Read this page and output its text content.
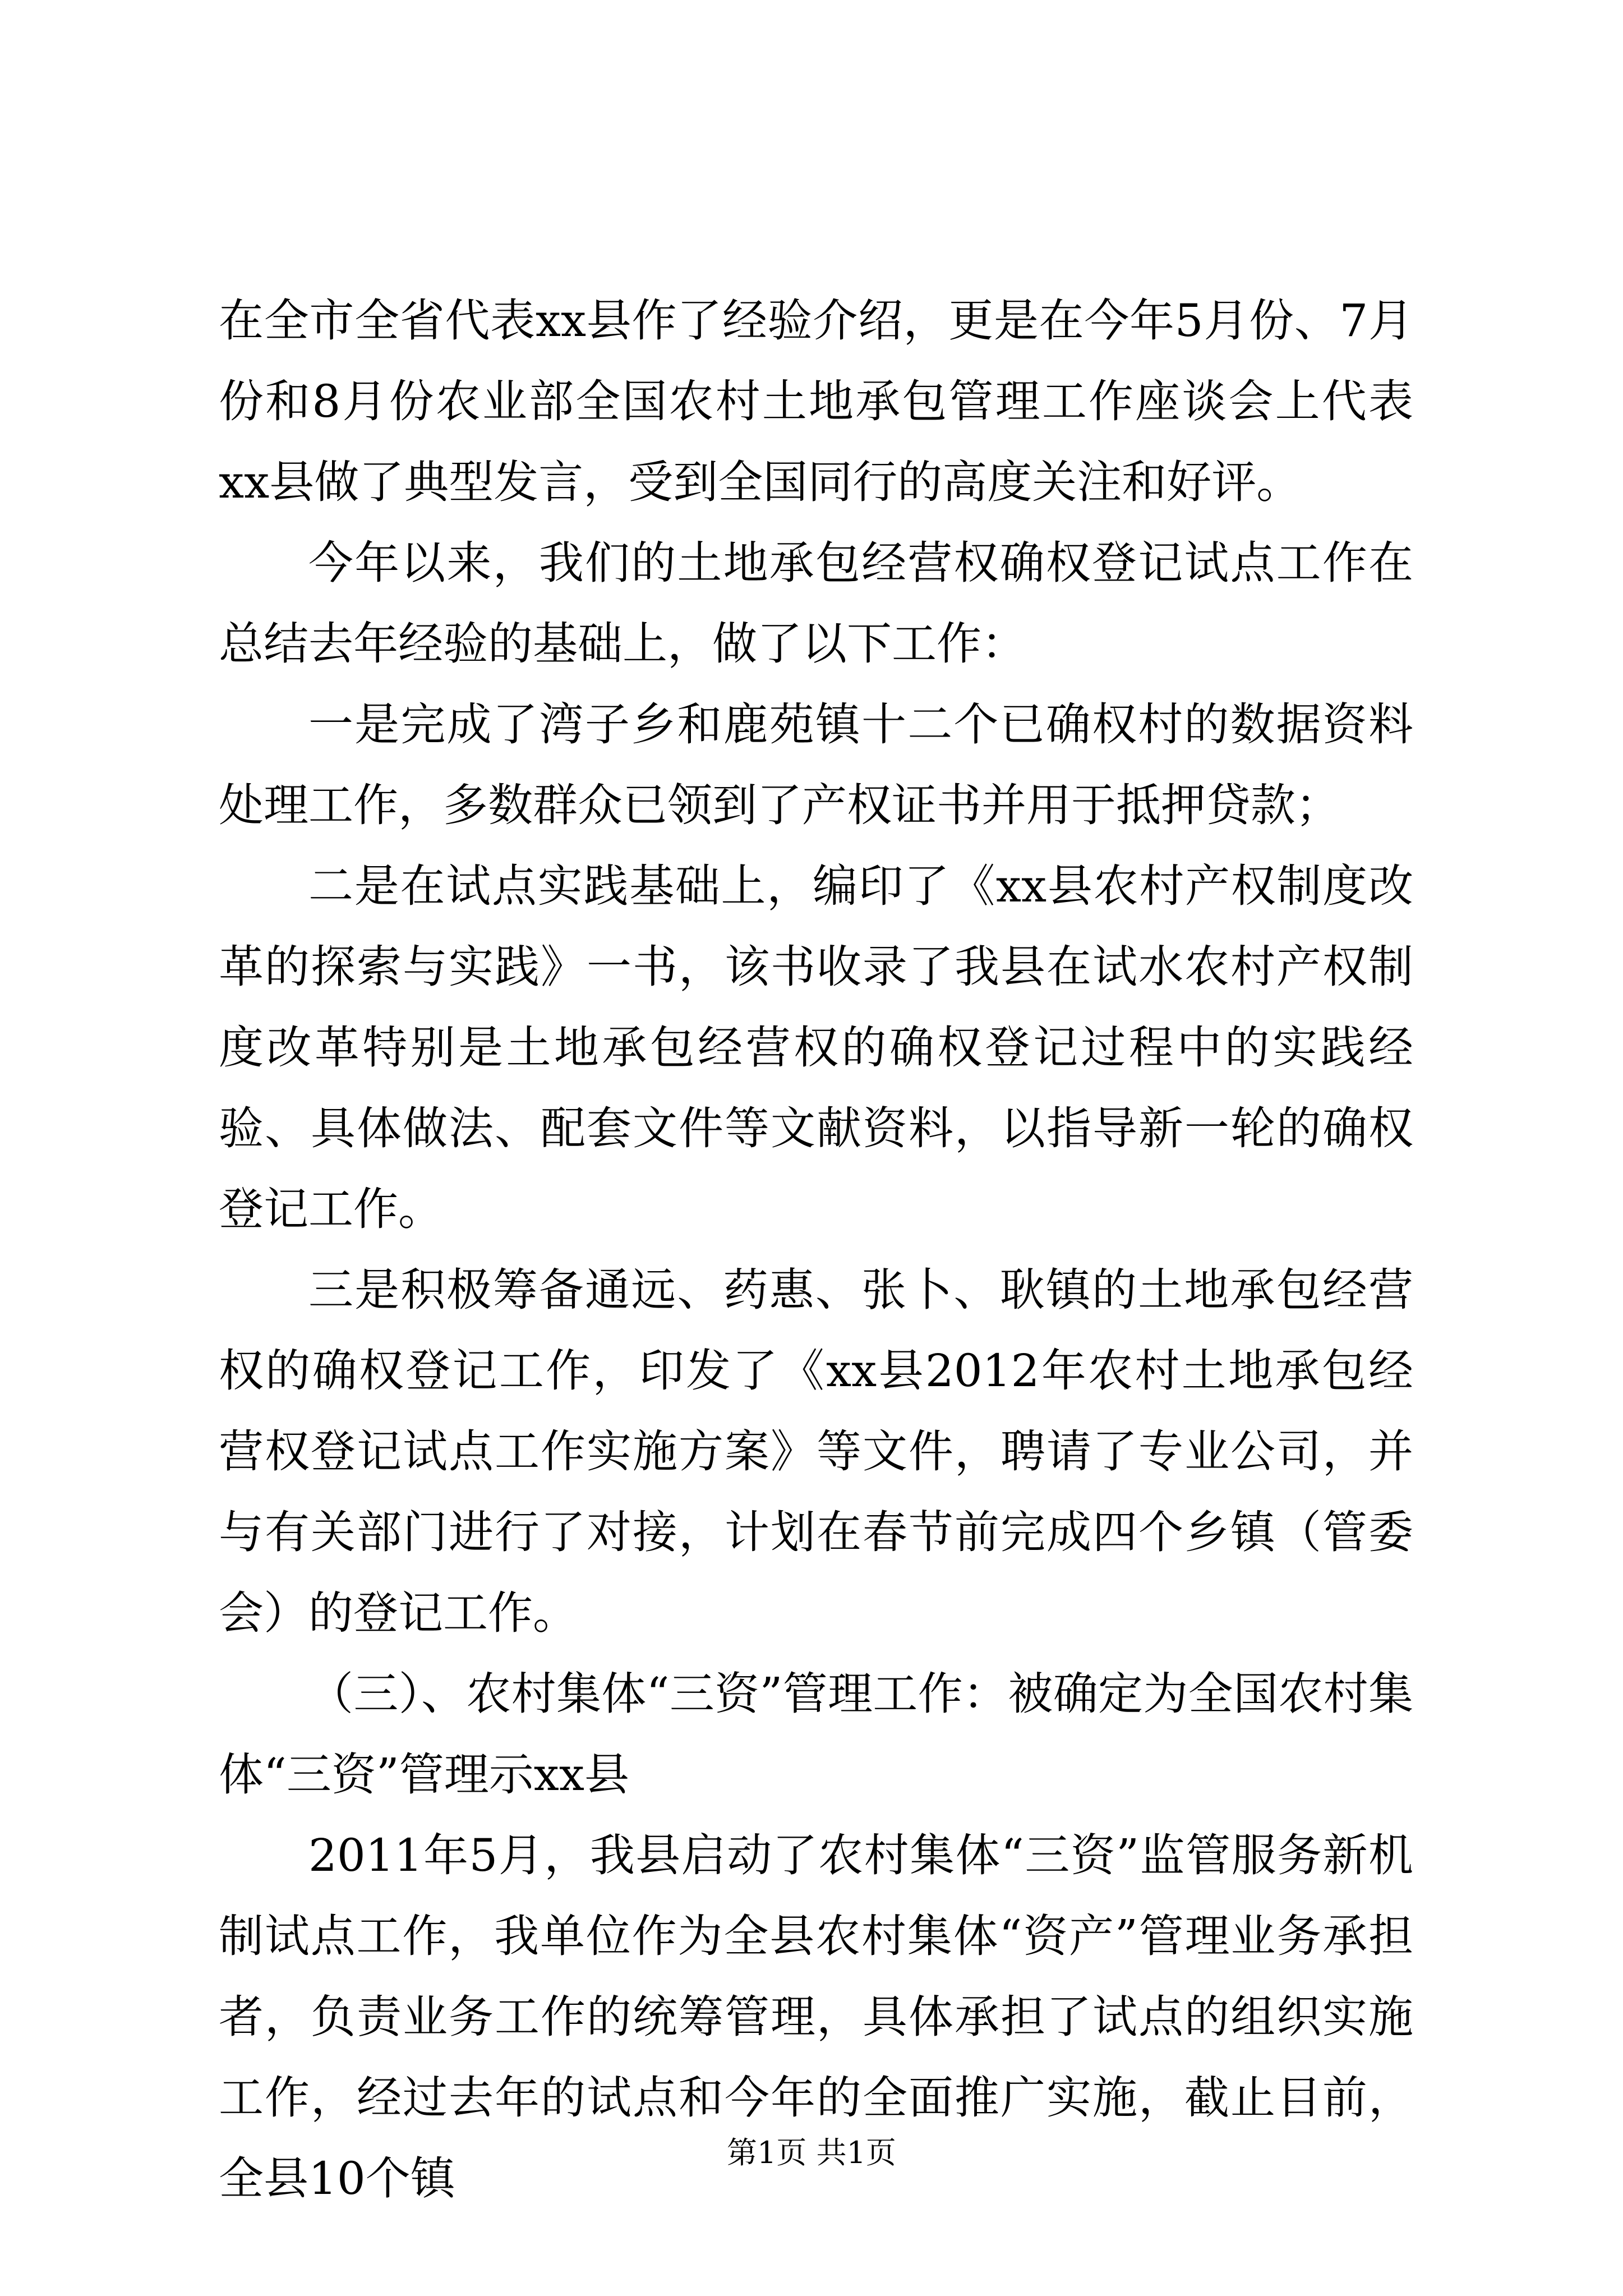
在全市全省代表xx县作了经验介绍，更是在今年5月份、7月份和8月份农业部全国农村土地承包管理工作座谈会上代表xx县做了典型发言，受到全国同行的高度关注和好评。

今年以来，我们的土地承包经营权确权登记试点工作在总结去年经验的基础上，做了以下工作：

一是完成了湾子乡和鹿苑镇十二个已确权村的数据资料处理工作，多数群众已领到了产权证书并用于抵押贷款；

二是在试点实践基础上，编印了《xx县农村产权制度改革的探索与实践》一书，该书收录了我县在试水农村产权制度改革特别是土地承包经营权的确权登记过程中的实践经验、具体做法、配套文件等文献资料，以指导新一轮的确权登记工作。

三是积极筹备通远、药惠、张卜、耿镇的土地承包经营权的确权登记工作，印发了《xx县2012年农村土地承包经营权登记试点工作实施方案》等文件，聘请了专业公司，并与有关部门进行了对接，计划在春节前完成四个乡镇（管委会）的登记工作。

（三）、农村集体“三资”管理工作：被确定为全国农村集体“三资”管理示xx县

2011年5月，我县启动了农村集体“三资”监管服务新机制试点工作，我单位作为全县农村集体“资产”管理业务承担者，负责业务工作的统筹管理，具体承担了试点的组织实施工作，经过去年的试点和今年的全面推广实施，截止目前，全县10个镇	第1页 共1页
